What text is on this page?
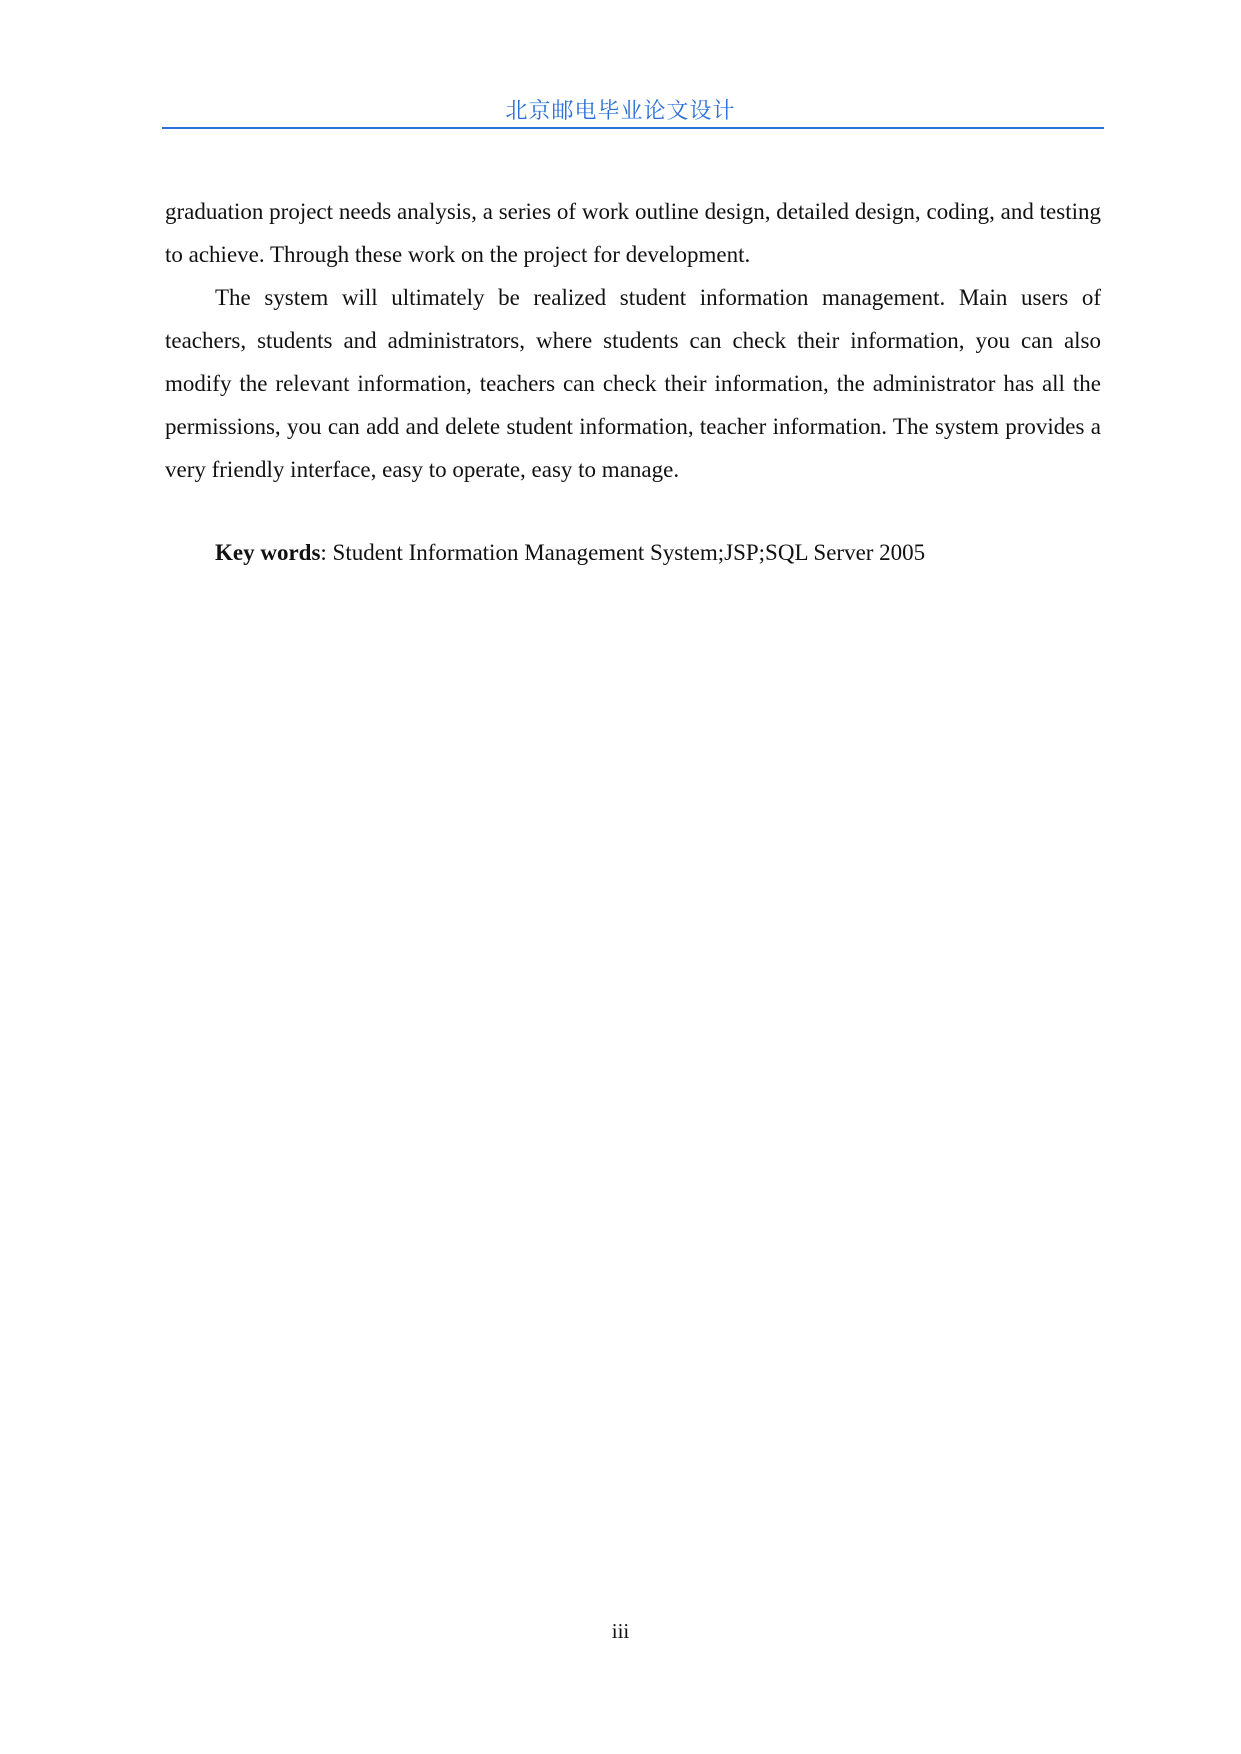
北京邮电毕业论文设计

graduation project needs analysis, a series of work outline design, detailed design, coding, and testing to achieve. Through these work on the project for development.

The system will ultimately be realized student information management. Main users of teachers, students and administrators, where students can check their information, you can also modify the relevant information, teachers can check their information, the administrator has all the permissions, you can add and delete student information, teacher information. The system provides a very friendly interface, easy to operate, easy to manage.

Key words: Student Information Management System;JSP;SQL Server 2005
iii
